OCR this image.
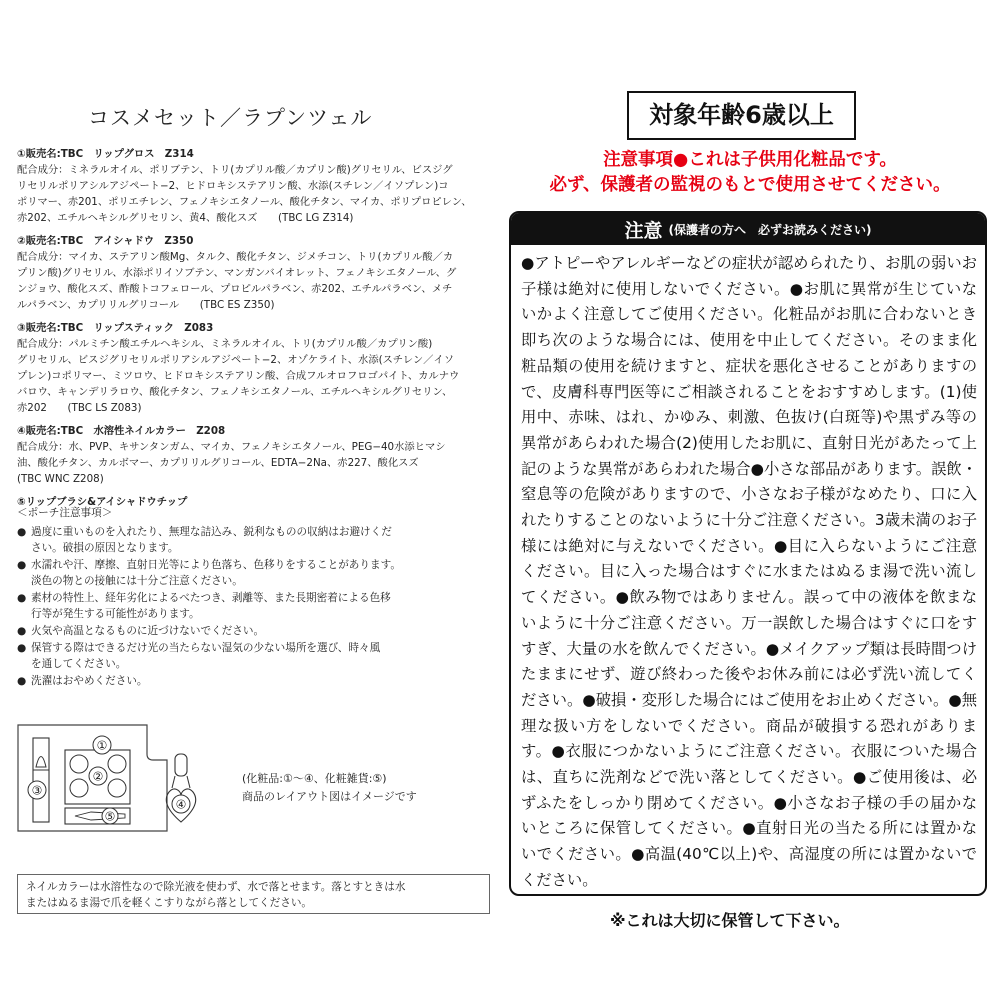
コスメセット／ラプンツェル
①販売名:TBC　リップグロス　Z314
配合成分：ミネラルオイル、ポリブテン、トリ(カプリル酸／カプリン酸)グリセリル、ビスジグ
リセリルポリアシルアジペート−2、ヒドロキシステアリン酸、水添(スチレン／イソプレン)コ
ポリマー、赤201、ポリエチレン、フェノキシエタノール、酸化チタン、マイカ、ポリプロピレン、
赤202、エチルヘキシルグリセリン、黄4、酸化スズ　　(TBC LG Z314)
②販売名:TBC　アイシャドウ　Z350
配合成分：マイカ、ステアリン酸Mg、タルク、酸化チタン、ジメチコン、トリ(カプリル酸／カ
プリン酸)グリセリル、水添ポリイソブテン、マンガンバイオレット、フェノキシエタノール、グ
ンジョウ、酸化スズ、酢酸トコフェロール、プロピルパラベン、赤202、エチルパラベン、メチ
ルパラベン、カプリリルグリコール　　(TBC ES Z350)
③販売名:TBC　リップスティック　Z083
配合成分：パルミチン酸エチルヘキシル、ミネラルオイル、トリ(カプリル酸／カプリン酸)
グリセリル、ビスジグリセリルポリアシルアジペート−2、オゾケライト、水添(スチレン／イソ
プレン)コポリマー、ミツロウ、ヒドロキシステアリン酸、合成フルオロフロゴパイト、カルナウ
バロウ、キャンデリラロウ、酸化チタン、フェノキシエタノール、エチルヘキシルグリセリン、
赤202　　(TBC LS Z083)
④販売名:TBC　水溶性ネイルカラー　Z208
配合成分：水、PVP、キサンタンガム、マイカ、フェノキシエタノール、PEG−40水添ヒマシ
油、酸化チタン、カルボマー、カプリリルグリコール、EDTA−2Na、赤227、酸化スズ
(TBC WNC Z208)
⑤リップブラシ&アイシャドウチップ
＜ポーチ注意事項＞
● 過度に重いものを入れたり、無理な詰込み、鋭利なものの収納はお避けくだ
さい。破損の原因となります。
● 水濡れや汗、摩擦、直射日光等により色落ち、色移りをすることがあります。
淡色の物との接触には十分ご注意ください。
● 素材の特性上、経年劣化によるべたつき、剥離等、また長期密着による色移
行等が発生する可能性があります。
● 火気や高温となるものに近づけないでください。
● 保管する際はできるだけ光の当たらない湿気の少ない場所を選び、時々風
を通してください。
● 洗濯はおやめください。
③
②
①
⑤
④
(化粧品:①〜④、化粧雑貨:⑤)
商品のレイアウト図はイメージです
ネイルカラーは水溶性なので除光液を使わず、水で落とせます。落とすときは水
またはぬるま湯で爪を軽くこすりながら落としてください。
対象年齢6歳以上
注意事項●これは子供用化粧品です。
必ず、保護者の監視のもとで使用させてください。
注意 (保護者の方へ　必ずお読みください)
●アトピーやアレルギーなどの症状が認められたり、お肌の弱いお子様は絶対に使用しないでください。●お肌に異常が生じていないかよく注意してご使用ください。化粧品がお肌に合わないとき即ち次のような場合には、使用を中止してください。そのまま化粧品類の使用を続けますと、症状を悪化させることがありますので、皮膚科専門医等にご相談されることをおすすめします。(1)使用中、赤味、はれ、かゆみ、刺激、色抜け(白斑等)や黒ずみ等の異常があらわれた場合(2)使用したお肌に、直射日光があたって上記のような異常があらわれた場合●小さな部品があります。誤飲・窒息等の危険がありますので、小さなお子様がなめたり、口に入れたりすることのないように十分ご注意ください。3歳未満のお子様には絶対に与えないでください。●目に入らないようにご注意ください。目に入った場合はすぐに水またはぬるま湯で洗い流してください。●飲み物ではありません。誤って中の液体を飲まないように十分ご注意ください。万一誤飲した場合はすぐに口をすすぎ、大量の水を飲んでください。●メイクアップ類は長時間つけたままにせず、遊び終わった後やお休み前には必ず洗い流してください。●破損・変形した場合にはご使用をお止めください。●無理な扱い方をしないでください。商品が破損する恐れがあります。●衣服につかないようにご注意ください。衣服についた場合は、直ちに洗剤などで洗い落としてください。●ご使用後は、必ずふたをしっかり閉めてください。●小さなお子様の手の届かないところに保管してください。●直射日光の当たる所には置かないでください。●高温(40℃以上)や、高湿度の所には置かないでください。
※これは大切に保管して下さい。
